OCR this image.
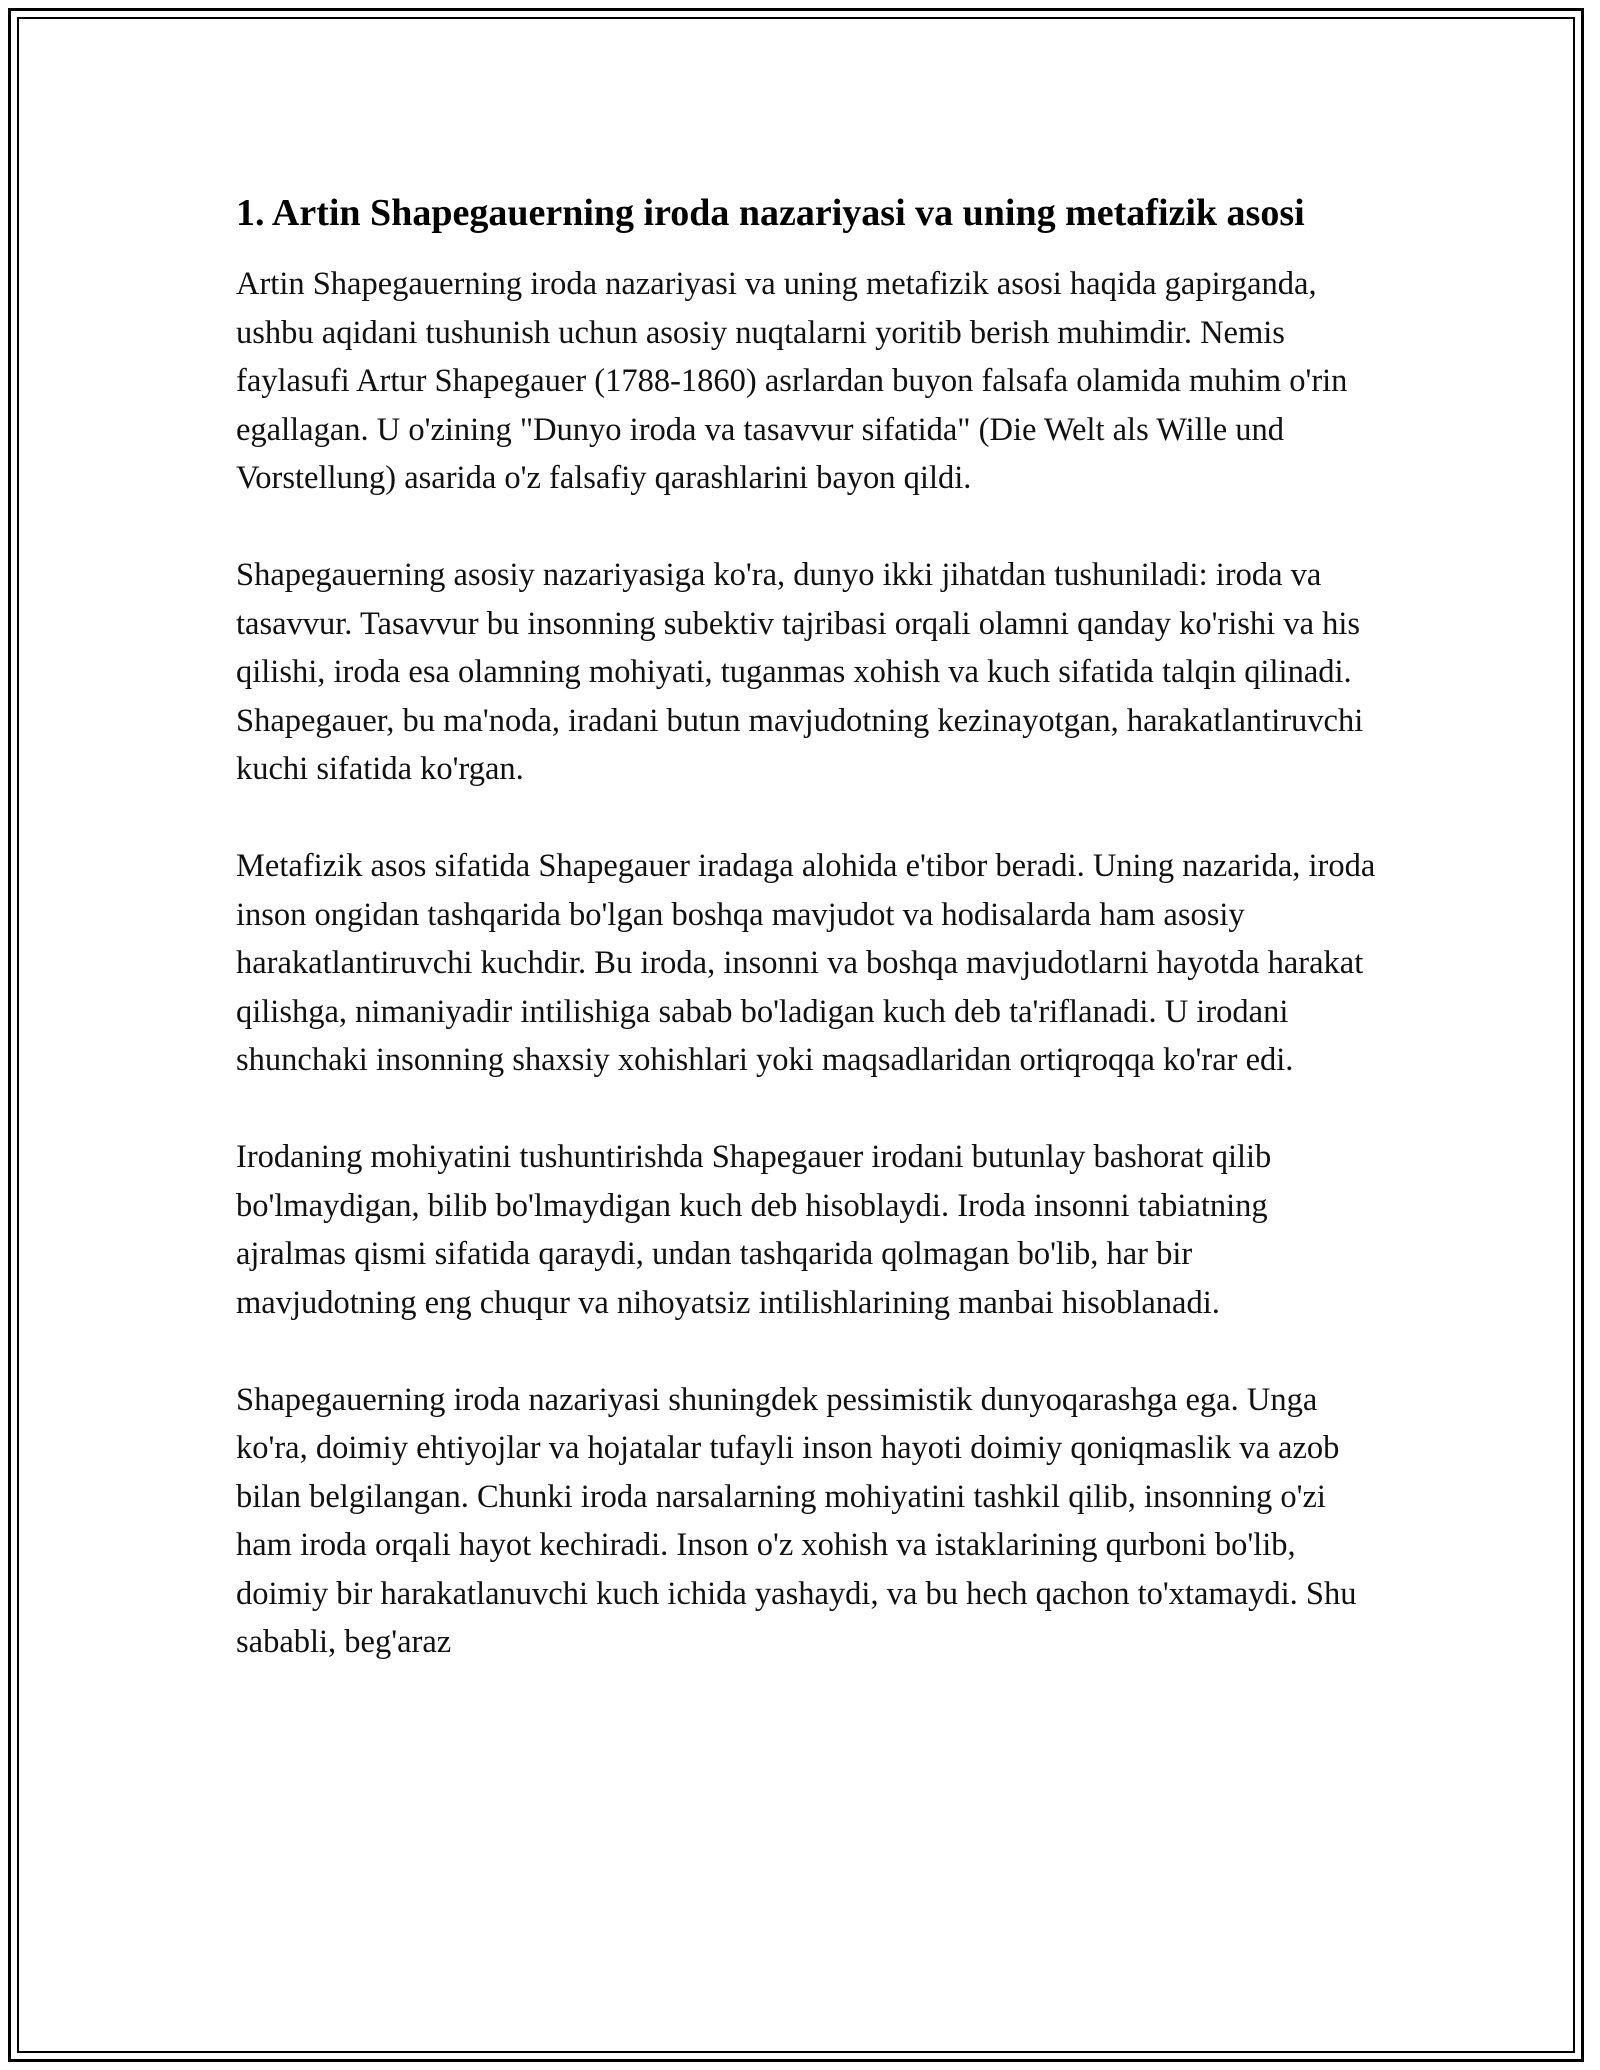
1. Artin Shapegauerning iroda nazariyasi va uning metafizik asosi

Artin Shapegauerning iroda nazariyasi va uning metafizik asosi haqida gapirganda, ushbu aqidani tushunish uchun asosiy nuqtalarni yoritib berish muhimdir. Nemis faylasufi Artur Shapegauer (1788-1860) asrlardan buyon falsafa olamida muhim o'rin egallagan. U o'zining "Dunyo iroda va tasavvur sifatida" (Die Welt als Wille und Vorstellung) asarida o'z falsafiy qarashlarini bayon qildi.

Shapegauerning asosiy nazariyasiga ko'ra, dunyo ikki jihatdan tushuniladi: iroda va tasavvur. Tasavvur bu insonning subektiv tajribasi orqali olamni qanday ko'rishi va his qilishi, iroda esa olamning mohiyati, tuganmas xohish va kuch sifatida talqin qilinadi. Shapegauer, bu ma'noda, iradani butun mavjudotning kezinayotgan, harakatlantiruvchi kuchi sifatida ko'rgan.

Metafizik asos sifatida Shapegauer iradaga alohida e'tibor beradi. Uning nazarida, iroda inson ongidan tashqarida bo'lgan boshqa mavjudot va hodisalarda ham asosiy harakatlantiruvchi kuchdir. Bu iroda, insonni va boshqa mavjudotlarni hayotda harakat qilishga, nimaniyadir intilishiga sabab bo'ladigan kuch deb ta'riflanadi. U irodani shunchaki insonning shaxsiy xohishlari yoki maqsadlaridan ortiqroqqa ko'rar edi.

Irodaning mohiyatini tushuntirishda Shapegauer irodani butunlay bashorat qilib bo'lmaydigan, bilib bo'lmaydigan kuch deb hisoblaydi. Iroda insonni tabiatning ajralmas qismi sifatida qaraydi, undan tashqarida qolmagan bo'lib, har bir mavjudotning eng chuqur va nihoyatsiz intilishlarining manbai hisoblanadi.

Shapegauerning iroda nazariyasi shuningdek pessimistik dunyoqarashga ega. Unga ko'ra, doimiy ehtiyojlar va hojatalar tufayli inson hayoti doimiy qoniqmaslik va azob bilan belgilangan. Chunki iroda narsalarning mohiyatini tashkil qilib, insonning o'zi ham iroda orqali hayot kechiradi. Inson o'z xohish va istaklarining qurboni bo'lib, doimiy bir harakatlanuvchi kuch ichida yashaydi, va bu hech qachon to'xtamaydi. Shu sababli, beg'araz
